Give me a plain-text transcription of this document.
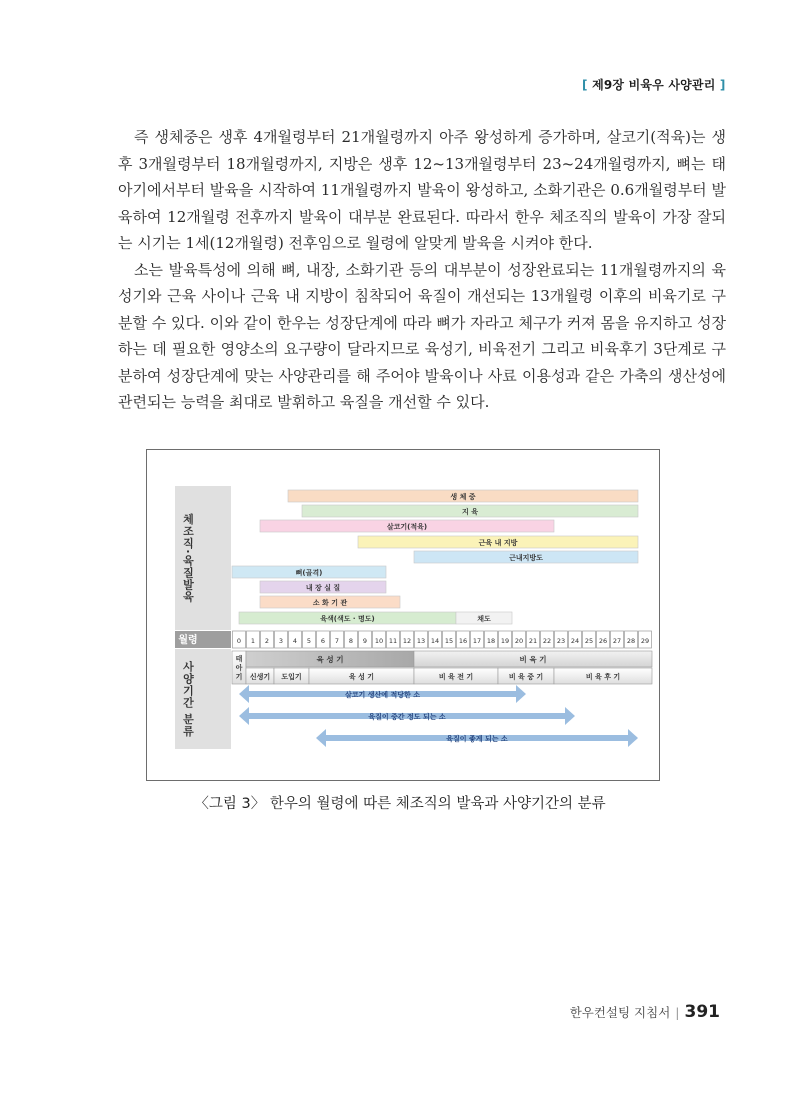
[ 제9장 비육우 사양관리 ]

즉 생체중은 생후 4개월령부터 21개월령까지 아주 왕성하게 증가하며, 살코기(적육)는 생후 3개월령부터 18개월령까지, 지방은 생후 12~13개월령부터 23~24개월령까지, 뼈는 태아기에서부터 발육을 시작하여 11개월령까지 발육이 왕성하고, 소화기관은 0.6개월령부터 발육하여 12개월령 전후까지 발육이 대부분 완료된다. 따라서 한우 체조직의 발육이 가장 잘되는 시기는 1세(12개월령) 전후임으로 월령에 알맞게 발육을 시켜야 한다.

소는 발육특성에 의해 뼈, 내장, 소화기관 등의 대부분이 성장완료되는 11개월령까지의 육성기와 근육 사이나 근육 내 지방이 침착되어 육질이 개선되는 13개월령 이후의 비육기로 구분할 수 있다. 이와 같이 한우는 성장단계에 따라 뼈가 자라고 체구가 커져 몸을 유지하고 성장하는 데 필요한 영양소의 요구량이 달라지므로 육성기, 비육전기 그리고 비육후기 3단계로 구분하여 성장단계에 맞는 사양관리를 해 주어야 발육이나 사료 이용성과 같은 가축의 생산성에 관련되는 능력을 최대로 발휘하고 육질을 개선할 수 있다.

체조직·육질발육
월령
사양기간 분류
생 체 중
지 육
살코기(적육)
근육 내 지방
근내지방도
뼈(골격)
내 장 실 질
소 화 기 관
육색(색도 · 명도)	채도
0 1 2 3 4 5 6 7 8 9 10 11 12 13 14 15 16 17 18 19 20 21 22 23 24 25 26 27 28 29
태
아
기
육 성 기	비 육 기
신생기 도입기	육 성 기	비 육 전 기	비 육 중 기	비 육 후 기
살코기 생산에 적당한 소
육질이 중간 정도 되는 소
육질이 좋게 되는 소
〈그림 3〉 한우의 월령에 따른 체조직의 발육과 사양기간의 분류
한우컨설팅 지침서 | 391
